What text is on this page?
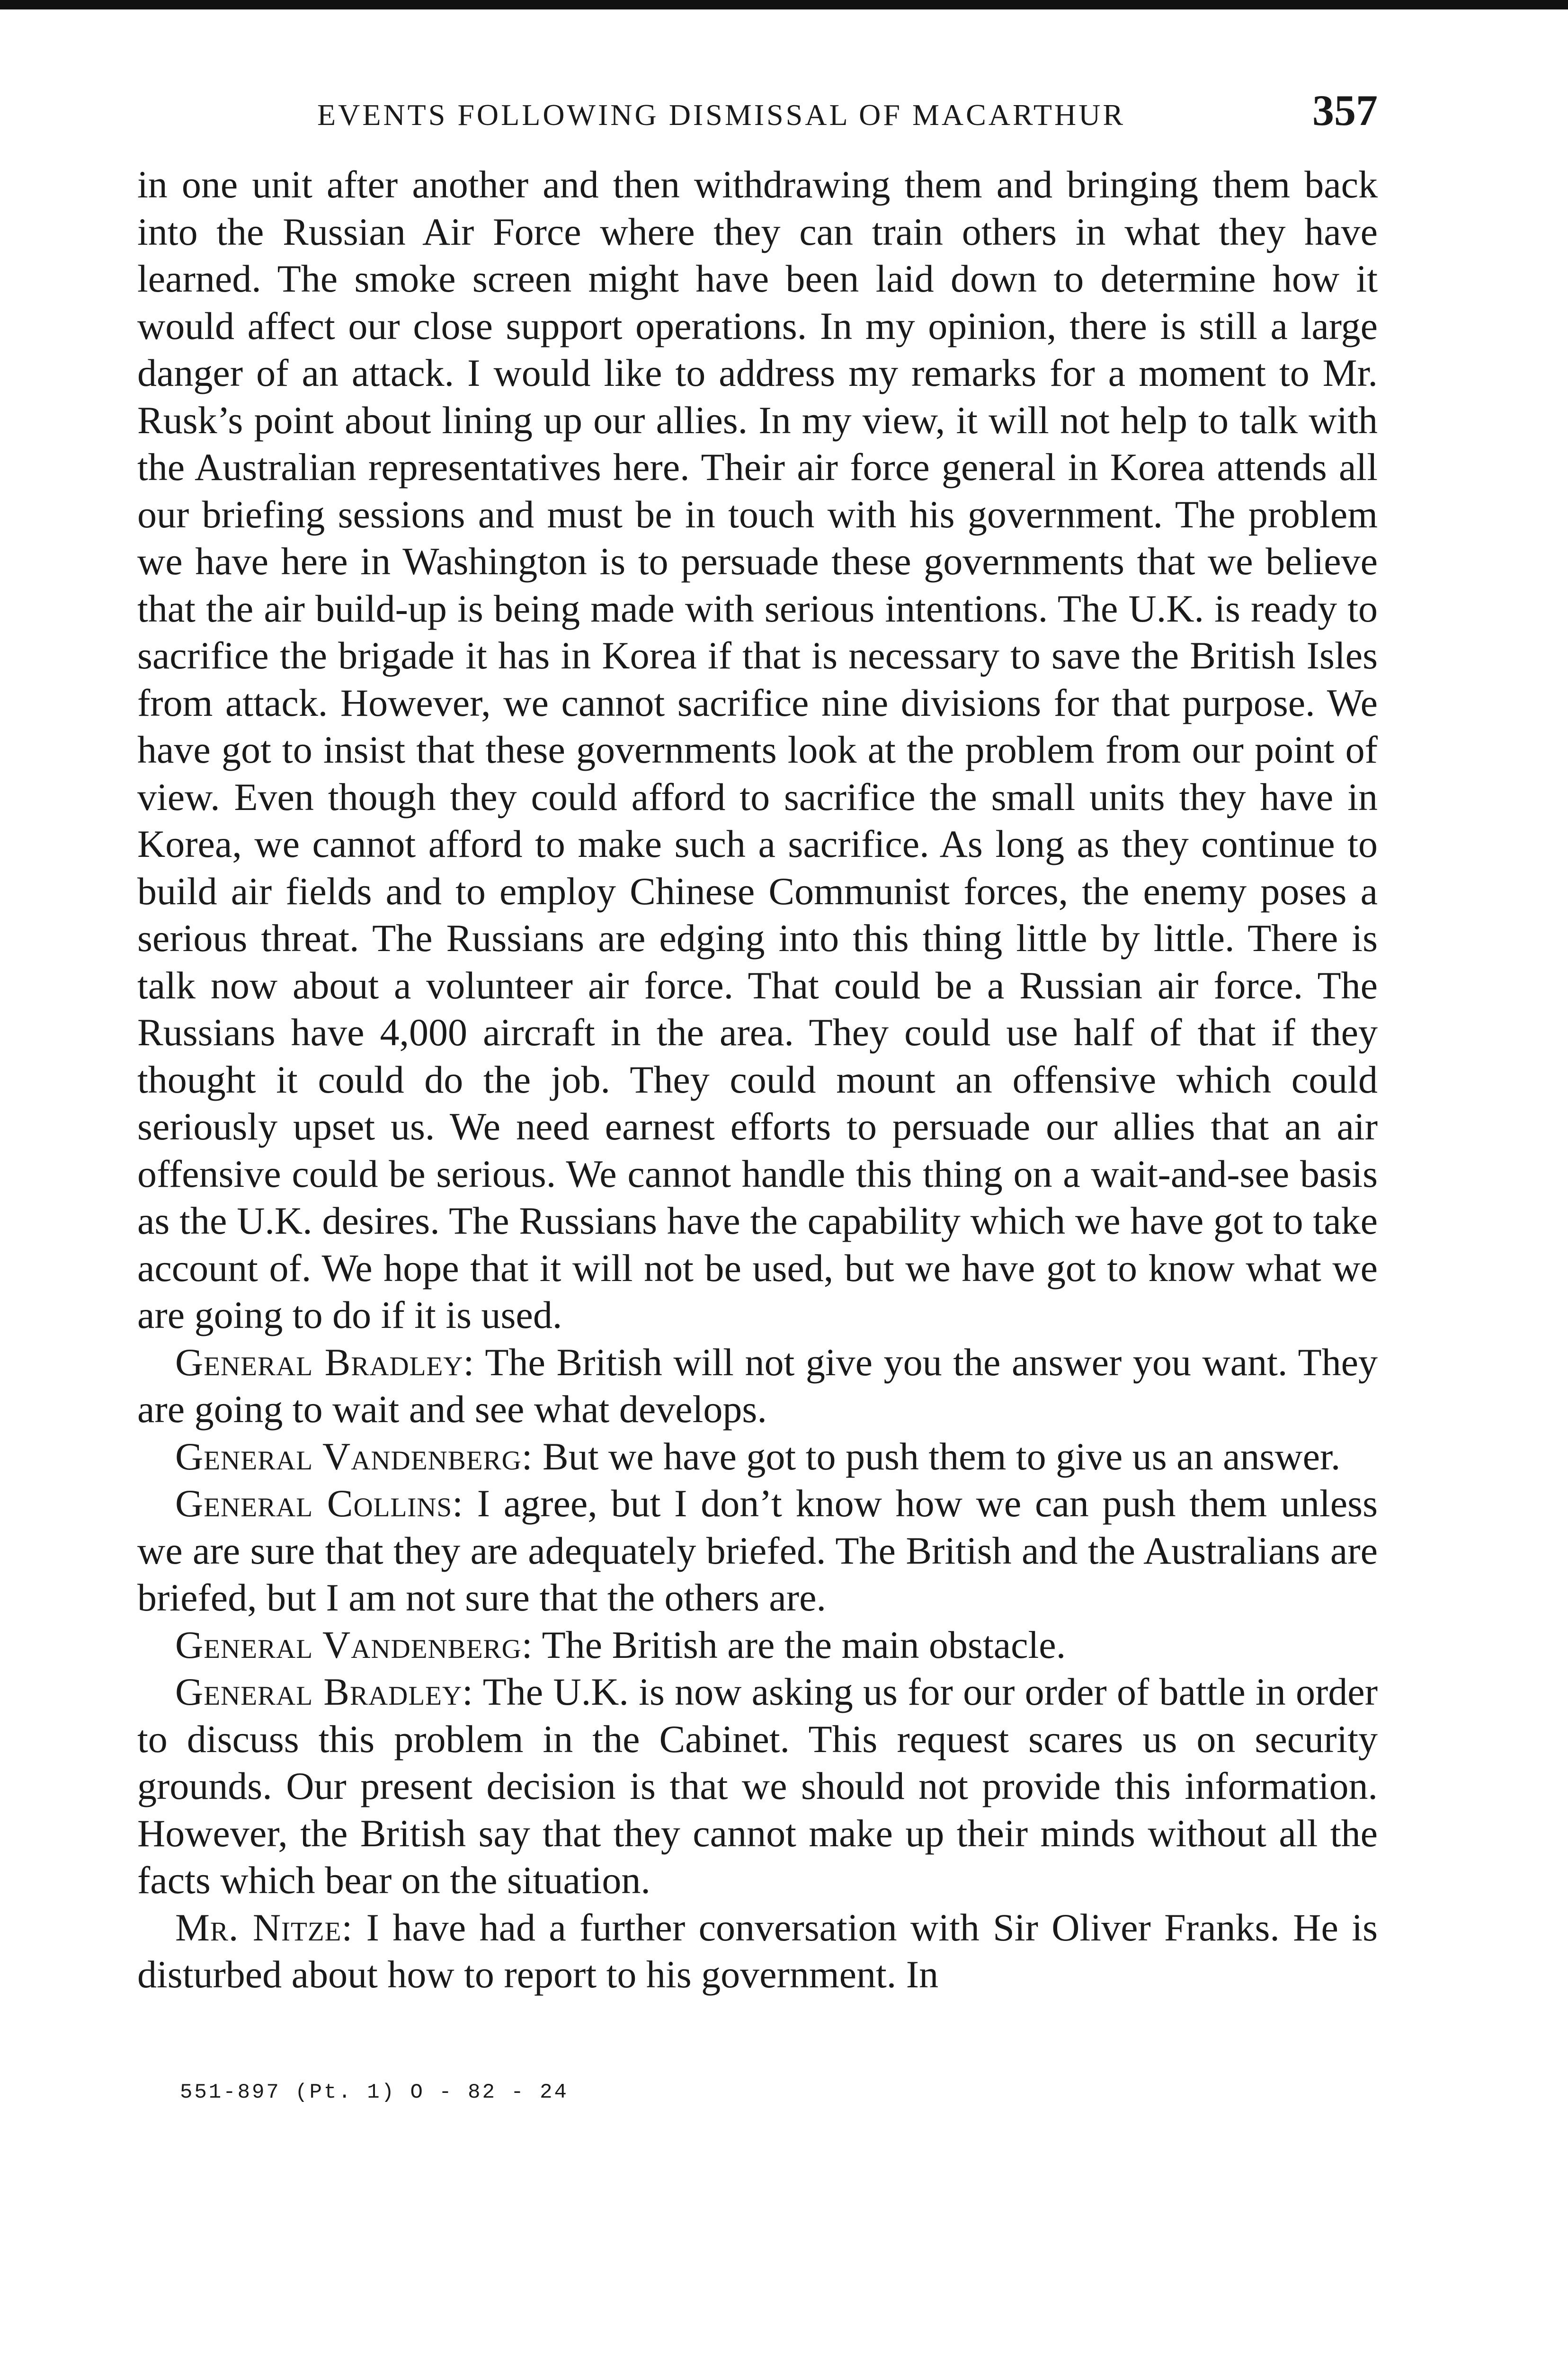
EVENTS FOLLOWING DISMISSAL OF MACARTHUR	357

in one unit after another and then withdrawing them and bringing them back into the Russian Air Force where they can train others in what they have learned. The smoke screen might have been laid down to determine how it would affect our close support operations. In my opinion, there is still a large danger of an attack. I would like to address my remarks for a moment to Mr. Rusk’s point about lining up our allies. In my view, it will not help to talk with the Australian representatives here. Their air force general in Korea attends all our briefing sessions and must be in touch with his government. The problem we have here in Washington is to persuade these governments that we believe that the air build-up is being made with serious intentions. The U.K. is ready to sacrifice the brigade it has in Korea if that is necessary to save the British Isles from attack. However, we cannot sacrifice nine divisions for that purpose. We have got to insist that these governments look at the problem from our point of view. Even though they could afford to sacrifice the small units they have in Korea, we cannot afford to make such a sacrifice. As long as they continue to build air fields and to employ Chinese Communist forces, the enemy poses a serious threat. The Russians are edging into this thing little by little. There is talk now about a volunteer air force. That could be a Russian air force. The Russians have 4,000 aircraft in the area. They could use half of that if they thought it could do the job. They could mount an offensive which could seriously upset us. We need earnest efforts to persuade our allies that an air offensive could be serious. We cannot handle this thing on a wait-and-see basis as the U.K. desires. The Russians have the capability which we have got to take account of. We hope that it will not be used, but we have got to know what we are going to do if it is used.

General Bradley: The British will not give you the answer you want. They are going to wait and see what develops.

General Vandenberg: But we have got to push them to give us an answer.

General Collins: I agree, but I don’t know how we can push them unless we are sure that they are adequately briefed. The British and the Australians are briefed, but I am not sure that the others are.

General Vandenberg: The British are the main obstacle.

General Bradley: The U.K. is now asking us for our order of battle in order to discuss this problem in the Cabinet. This request scares us on security grounds. Our present decision is that we should not provide this information. However, the British say that they cannot make up their minds without all the facts which bear on the situation.

Mr. Nitze: I have had a further conversation with Sir Oliver Franks. He is disturbed about how to report to his government. In

551-897 (Pt. 1) O - 82 - 24
